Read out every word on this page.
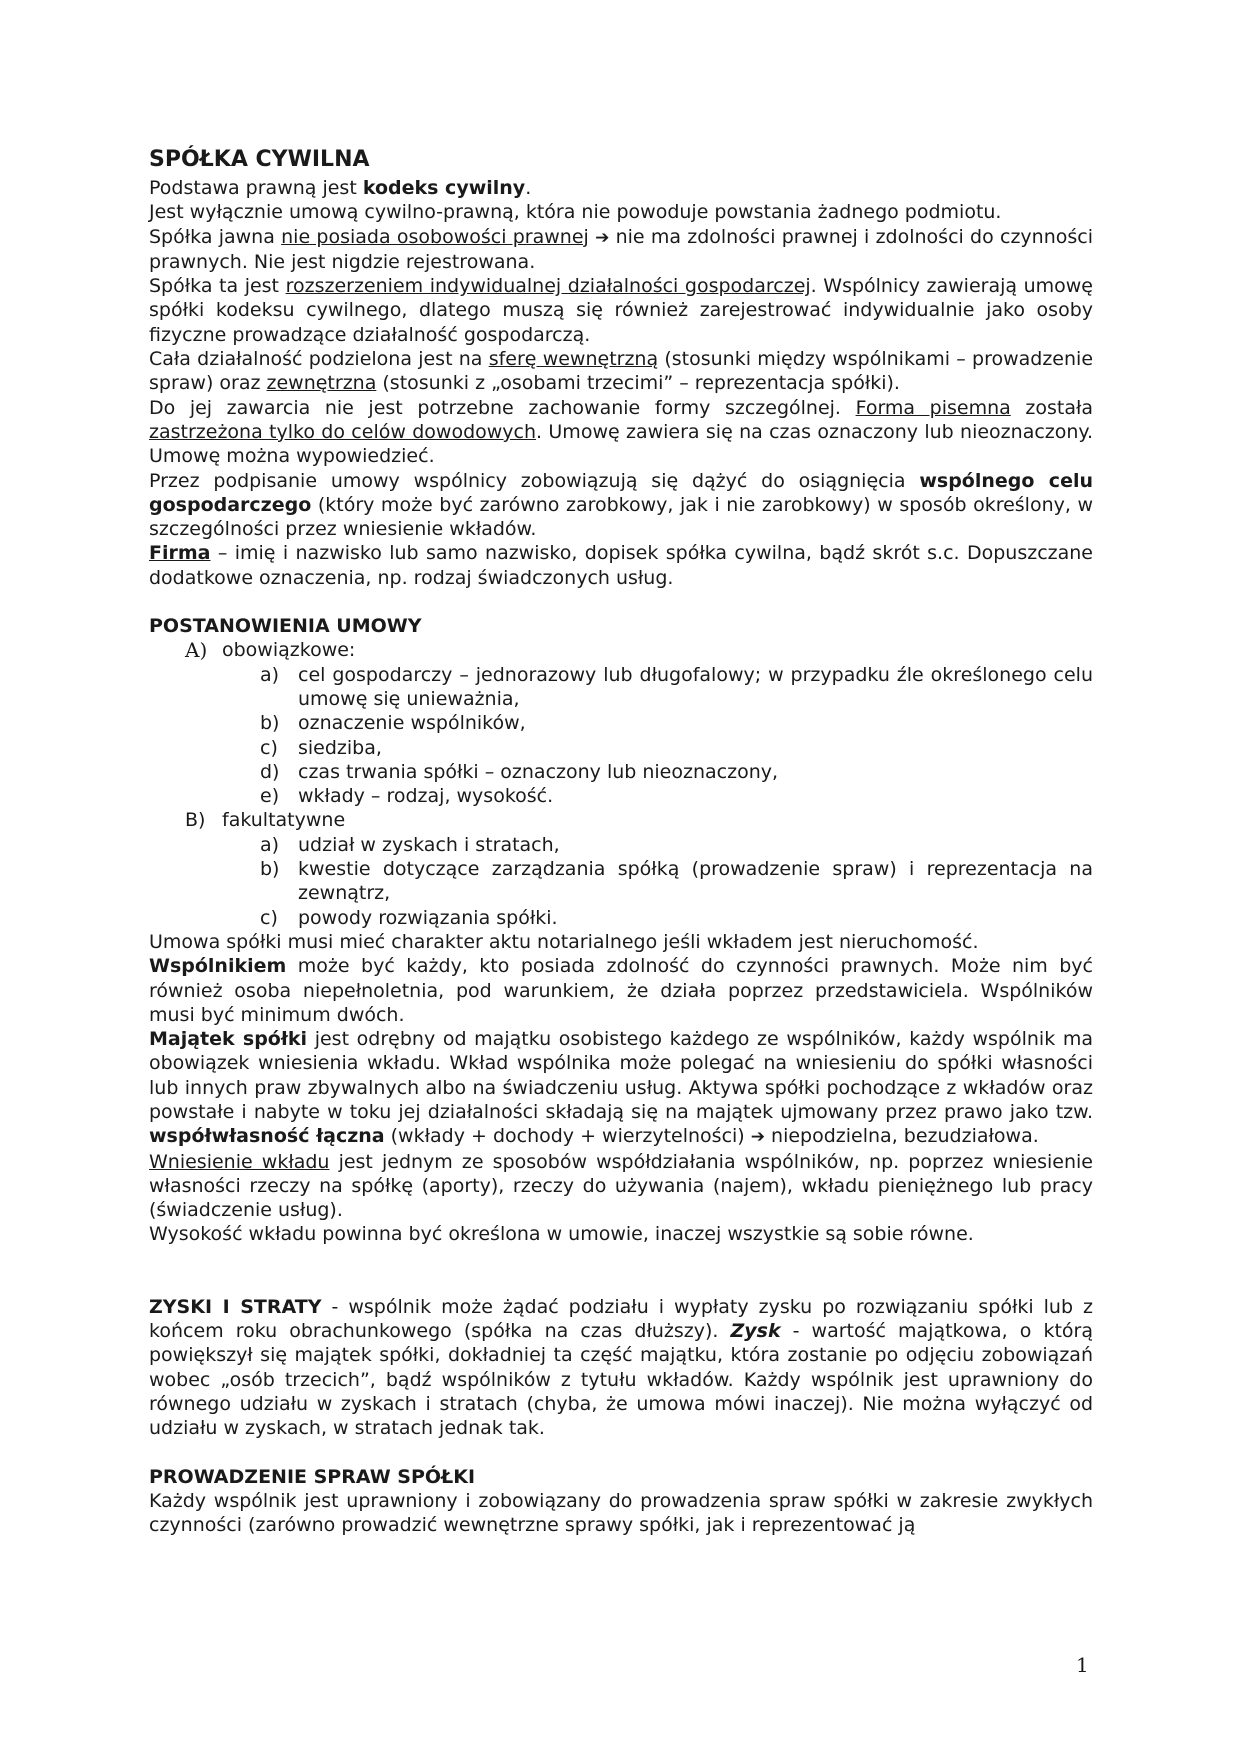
SPÓŁKA CYWILNA

Podstawa prawną jest kodeks cywilny.

Jest wyłącznie umową cywilno-prawną, która nie powoduje powstania żadnego podmiotu.

Spółka jawna nie posiada osobowości prawnej ➔ nie ma zdolności prawnej i zdolności do czynności prawnych. Nie jest nigdzie rejestrowana.

Spółka ta jest rozszerzeniem indywidualnej działalności gospodarczej. Wspólnicy zawierają umowę spółki kodeksu cywilnego, dlatego muszą się również zarejestrować indywidualnie jako osoby fizyczne prowadzące działalność gospodarczą.

Cała działalność podzielona jest na sferę wewnętrzną (stosunki między wspólnikami – prowadzenie spraw) oraz zewnętrzna (stosunki z „osobami trzecimi” – reprezentacja spółki).

Do jej zawarcia nie jest potrzebne zachowanie formy szczególnej. Forma pisemna została zastrzeżona tylko do celów dowodowych. Umowę zawiera się na czas oznaczony lub nieoznaczony. Umowę można wypowiedzieć.

Przez podpisanie umowy wspólnicy zobowiązują się dążyć do osiągnięcia wspólnego celu gospodarczego (który może być zarówno zarobkowy, jak i nie zarobkowy) w sposób określony, w szczególności przez wniesienie wkładów.

Firma – imię i nazwisko lub samo nazwisko, dopisek spółka cywilna, bądź skrót s.c. Dopuszczane dodatkowe oznaczenia, np. rodzaj świadczonych usług.

POSTANOWIENIA UMOWY
A) obowiązkowe:
a) cel gospodarczy – jednorazowy lub długofalowy; w przypadku źle określonego celu umowę się unieważnia,
b) oznaczenie wspólników,
c) siedziba,
d) czas trwania spółki – oznaczony lub nieoznaczony,
e) wkłady – rodzaj, wysokość.
B) fakultatywne
a) udział w zyskach i stratach,
b) kwestie dotyczące zarządzania spółką (prowadzenie spraw) i reprezentacja na zewnątrz,
c) powody rozwiązania spółki.

Umowa spółki musi mieć charakter aktu notarialnego jeśli wkładem jest nieruchomość.

Wspólnikiem może być każdy, kto posiada zdolność do czynności prawnych. Może nim być również osoba niepełnoletnia, pod warunkiem, że działa poprzez przedstawiciela. Wspólników musi być minimum dwóch.

Majątek spółki jest odrębny od majątku osobistego każdego ze wspólników, każdy wspólnik ma obowiązek wniesienia wkładu. Wkład wspólnika może polegać na wniesieniu do spółki własności lub innych praw zbywalnych albo na świadczeniu usług. Aktywa spółki pochodzące z wkładów oraz powstałe i nabyte w toku jej działalności składają się na majątek ujmowany przez prawo jako tzw. współwłasność łączna (wkłady + dochody + wierzytelności) ➔ niepodzielna, bezudziałowa.

Wniesienie wkładu jest jednym ze sposobów współdziałania wspólników, np. poprzez wniesienie własności rzeczy na spółkę (aporty), rzeczy do używania (najem), wkładu pieniężnego lub pracy (świadczenie usług).

Wysokość wkładu powinna być określona w umowie, inaczej wszystkie są sobie równe.

ZYSKI I STRATY - wspólnik może żądać podziału i wypłaty zysku po rozwiązaniu spółki lub z końcem roku obrachunkowego (spółka na czas dłuższy). Zysk - wartość majątkowa, o którą powiększył się majątek spółki, dokładniej ta część majątku, która zostanie po odjęciu zobowiązań wobec „osób trzecich”, bądź wspólników z tytułu wkładów. Każdy wspólnik jest uprawniony do równego udziału w zyskach i stratach (chyba, że umowa mówi inaczej). Nie można wyłączyć od udziału w zyskach, w stratach jednak tak.

PROWADZENIE SPRAW SPÓŁKI

Każdy wspólnik jest uprawniony i zobowiązany do prowadzenia spraw spółki w zakresie zwykłych czynności (zarówno prowadzić wewnętrzne sprawy spółki, jak i reprezentować ją

1
